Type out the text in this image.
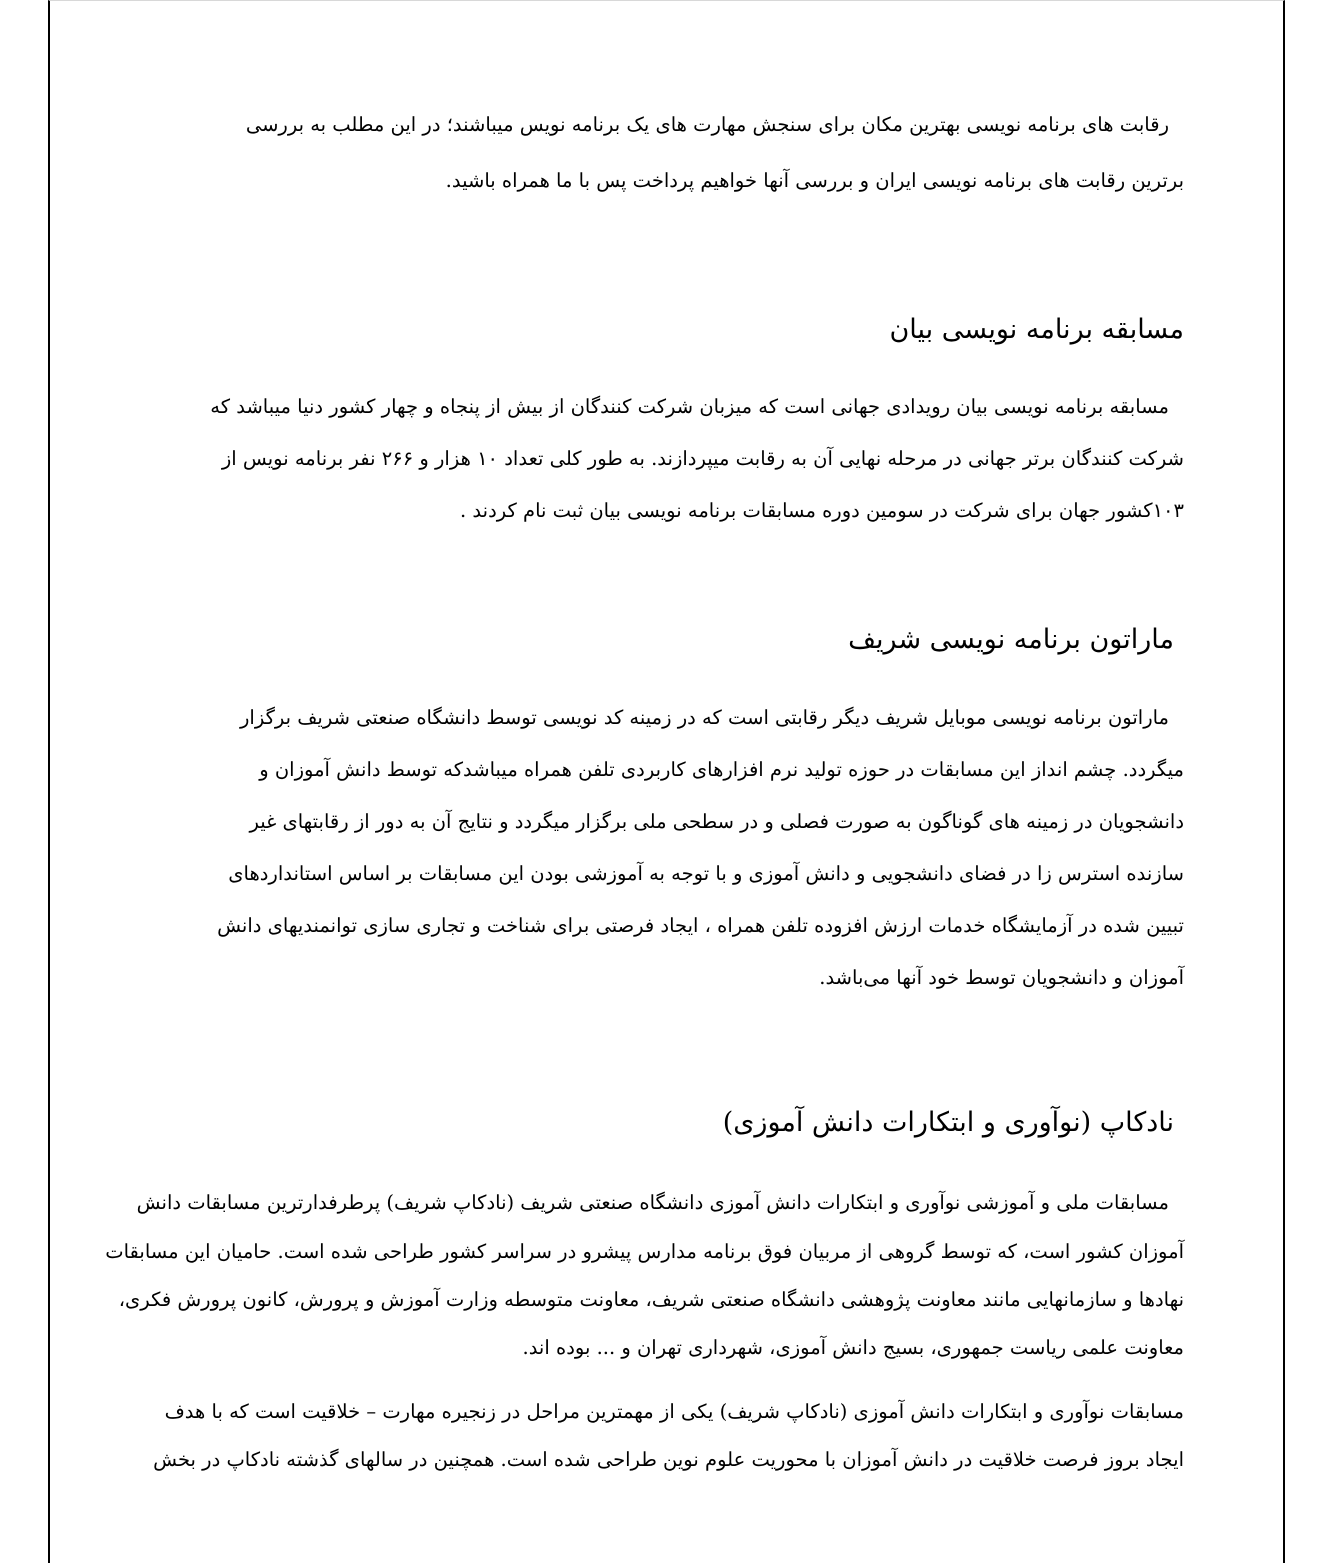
رقابت های برنامه نویسی بهترین مکان برای سنجش مهارت های یک برنامه نویس میباشند؛ در این مطلب به بررسی
برترین رقابت های برنامه نویسی ایران و بررسی آنها خواهیم پرداخت پس با ما همراه باشید.
مسابقه برنامه نویسی بیان
مسابقه برنامه نویسی بیان رویدادی جهانی است که میزبان شرکت کنندگان از بیش از پنجاه و چهار کشور دنیا میباشد که
شرکت کنندگان برتر جهانی در مرحله نهایی آن به رقابت میپردازند. به طور کلی تعداد ۱۰ هزار و ۲۶۶ نفر برنامه نویس از
۱۰۳کشور جهان برای شرکت در سومین دوره مسابقات برنامه نویسی بیان ثبت نام کردند .
ماراتون برنامه نویسی شریف
ماراتون برنامه نویسی موبایل شریف دیگر رقابتی است که در زمینه کد نویسی توسط دانشگاه صنعتی شریف برگزار
میگردد. چشم انداز این مسابقات در حوزه تولید نرم افزارهای کاربردی تلفن همراه میباشدکه توسط دانش آموزان و
دانشجویان در زمینه های گوناگون به صورت فصلی و در سطحی ملی برگزار میگردد و نتایج آن به دور از رقابتهای غیر
سازنده استرس زا در فضای دانشجویی و دانش آموزی و با توجه به آموزشی بودن این مسابقات بر اساس استانداردهای
تبیین شده در آزمایشگاه خدمات ارزش افزوده تلفن همراه ، ایجاد فرصتی برای شناخت و تجاری سازی توانمندیهای دانش
آموزان و دانشجویان توسط خود آنها می‌باشد.
نادکاپ (نوآوری و ابتکارات دانش آموزی)
مسابقات ملی و آموزشی نوآوری و ابتکارات دانش آموزی دانشگاه صنعتی شریف (نادکاپ شریف) پرطرفدارترین مسابقات دانش
آموزان کشور است، که توسط گروهی از مربیان فوق برنامه مدارس پیشرو در سراسر کشور طراحی شده است. حامیان این مسابقات
نهادها و سازمانهایی مانند معاونت پژوهشی دانشگاه صنعتی شریف، معاونت متوسطه وزارت آموزش و پرورش، کانون پرورش فکری،
معاونت علمی ریاست جمهوری، بسیج دانش آموزی، شهرداری تهران و ... بوده اند.
مسابقات نوآوری و ابتکارات دانش آموزی (نادکاپ شریف) یکی از مهمترین مراحل در زنجیره مهارت – خلاقیت است که با هدف
ایجاد بروز فرصت خلاقیت در دانش آموزان با محوریت علوم نوین طراحی شده است. همچنین در سالهای گذشته نادکاپ در بخش
